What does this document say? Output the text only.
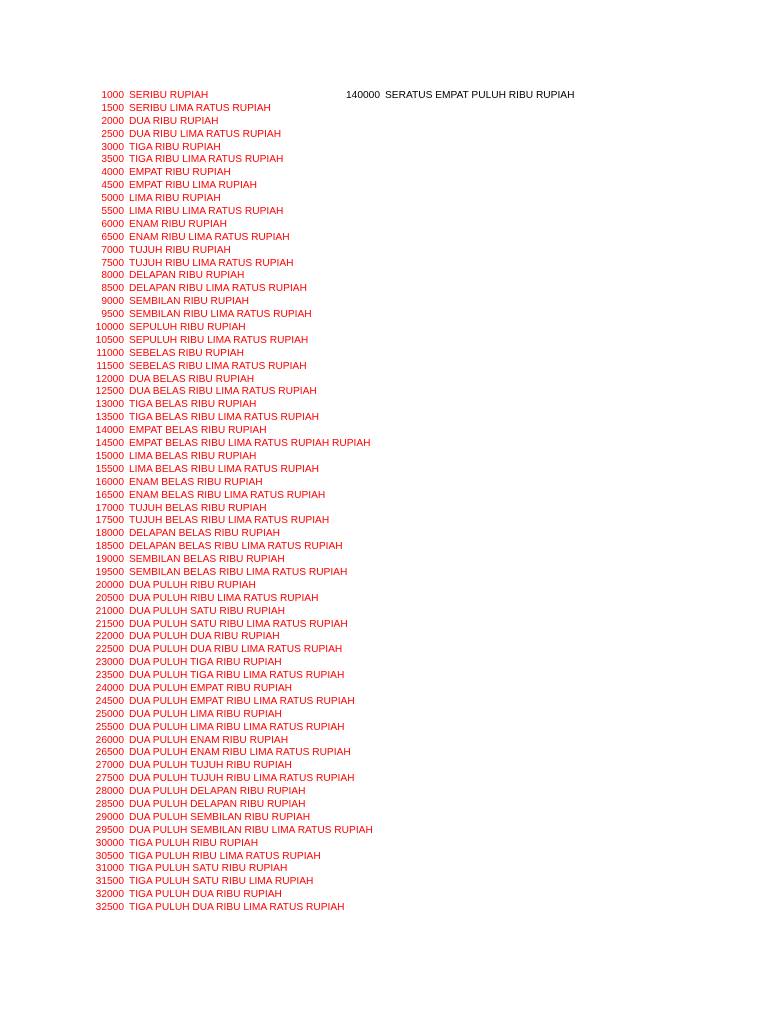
1000 SERIBU RUPIAH
1500 SERIBU LIMA RATUS RUPIAH
2000 DUA RIBU RUPIAH
2500 DUA RIBU LIMA RATUS RUPIAH
3000 TIGA RIBU RUPIAH
3500 TIGA RIBU LIMA RATUS RUPIAH
4000 EMPAT RIBU RUPIAH
4500 EMPAT RIBU LIMA RUPIAH
5000 LIMA RIBU RUPIAH
5500 LIMA RIBU LIMA RATUS RUPIAH
6000 ENAM RIBU RUPIAH
6500 ENAM RIBU LIMA RATUS RUPIAH
7000 TUJUH RIBU RUPIAH
7500 TUJUH RIBU LIMA RATUS RUPIAH
8000 DELAPAN RIBU RUPIAH
8500 DELAPAN RIBU LIMA RATUS RUPIAH
9000 SEMBILAN RIBU RUPIAH
9500 SEMBILAN RIBU LIMA RATUS RUPIAH
10000 SEPULUH RIBU RUPIAH
10500 SEPULUH RIBU LIMA RATUS RUPIAH
11000 SEBELAS RIBU RUPIAH
11500 SEBELAS RIBU LIMA RATUS RUPIAH
12000 DUA BELAS RIBU RUPIAH
12500 DUA BELAS RIBU LIMA RATUS RUPIAH
13000 TIGA BELAS RIBU RUPIAH
13500 TIGA BELAS RIBU LIMA RATUS RUPIAH
14000 EMPAT BELAS RIBU RUPIAH
14500 EMPAT BELAS RIBU LIMA RATUS RUPIAH RUPIAH
15000 LIMA BELAS RIBU RUPIAH
15500 LIMA BELAS RIBU LIMA RATUS RUPIAH
16000 ENAM BELAS RIBU RUPIAH
16500 ENAM BELAS RIBU LIMA RATUS RUPIAH
17000 TUJUH BELAS RIBU RUPIAH
17500 TUJUH BELAS RIBU LIMA RATUS RUPIAH
18000 DELAPAN BELAS RIBU RUPIAH
18500 DELAPAN BELAS RIBU LIMA RATUS RUPIAH
19000 SEMBILAN BELAS RIBU RUPIAH
19500 SEMBILAN BELAS RIBU LIMA RATUS RUPIAH
20000 DUA PULUH RIBU RUPIAH
20500 DUA PULUH RIBU LIMA RATUS RUPIAH
21000 DUA PULUH SATU RIBU RUPIAH
21500 DUA PULUH SATU RIBU LIMA RATUS RUPIAH
22000 DUA PULUH DUA RIBU RUPIAH
22500 DUA PULUH DUA RIBU LIMA RATUS RUPIAH
23000 DUA PULUH TIGA RIBU RUPIAH
23500 DUA PULUH TIGA RIBU LIMA RATUS RUPIAH
24000 DUA PULUH EMPAT RIBU RUPIAH
24500 DUA PULUH EMPAT RIBU LIMA RATUS RUPIAH
25000 DUA PULUH LIMA RIBU RUPIAH
25500 DUA PULUH LIMA RIBU LIMA RATUS RUPIAH
26000 DUA PULUH ENAM RIBU RUPIAH
26500 DUA PULUH ENAM RIBU LIMA RATUS RUPIAH
27000 DUA PULUH TUJUH RIBU RUPIAH
27500 DUA PULUH TUJUH RIBU LIMA RATUS RUPIAH
28000 DUA PULUH DELAPAN RIBU RUPIAH
28500 DUA PULUH DELAPAN RIBU RUPIAH
29000 DUA PULUH SEMBILAN RIBU RUPIAH
29500 DUA PULUH SEMBILAN RIBU LIMA RATUS RUPIAH
30000 TIGA PULUH RIBU RUPIAH
30500 TIGA PULUH RIBU LIMA RATUS RUPIAH
31000 TIGA PULUH SATU RIBU RUPIAH
31500 TIGA PULUH SATU RIBU LIMA RUPIAH
32000 TIGA PULUH DUA RIBU RUPIAH
32500 TIGA PULUH DUA RIBU LIMA RATUS RUPIAH
140000 SERATUS EMPAT PULUH RIBU RUPIAH
